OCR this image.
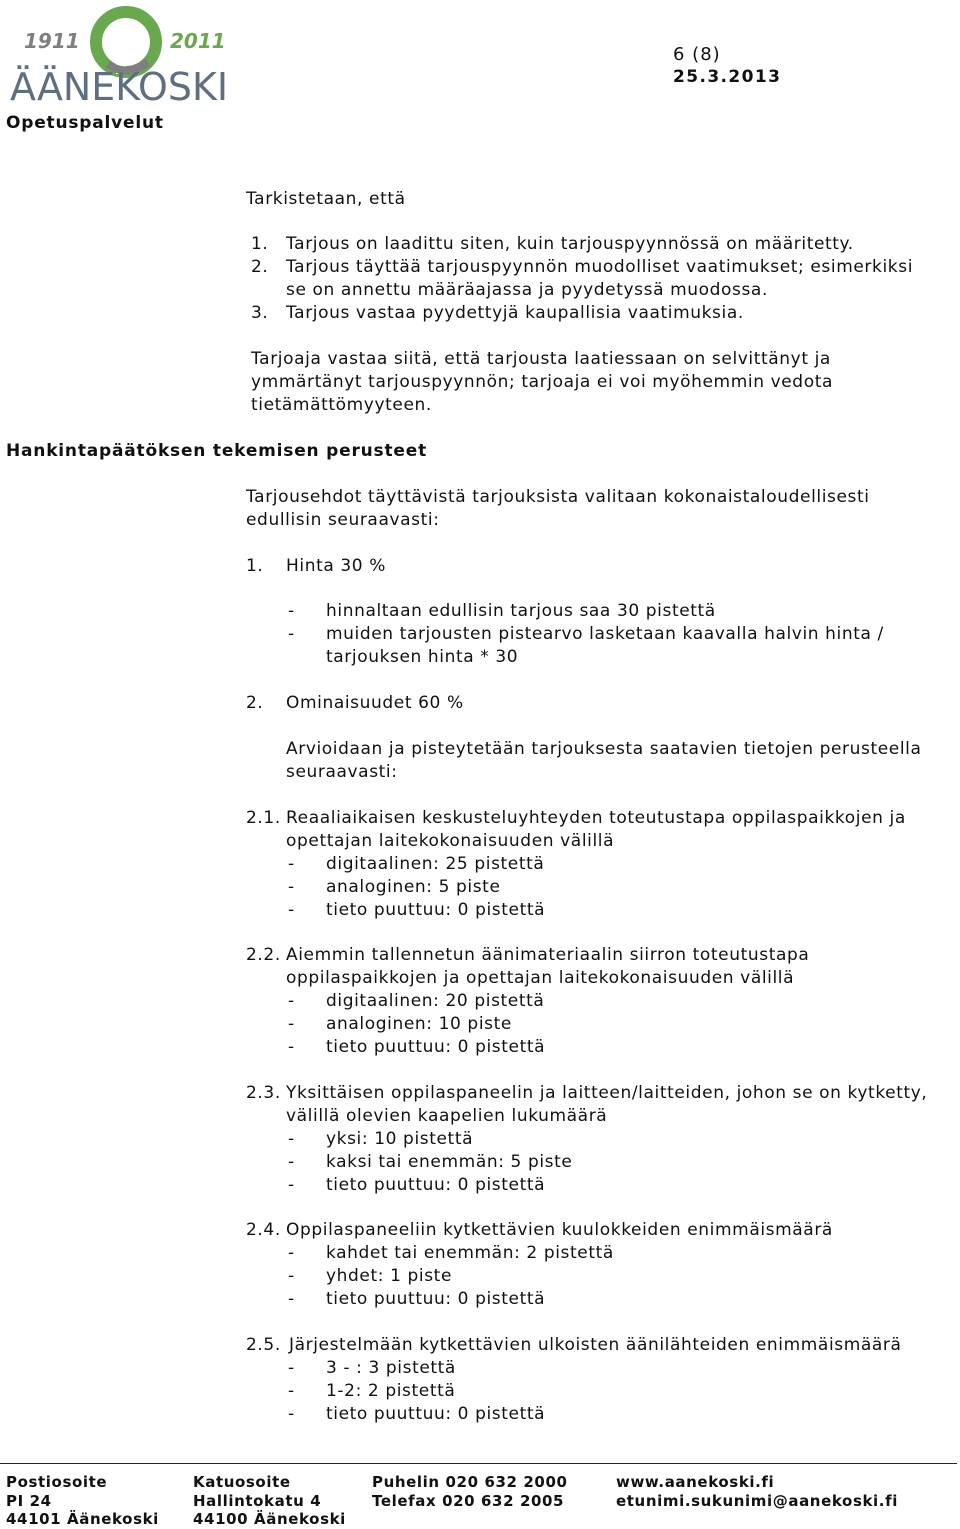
1911	2011
ÄÄNEKOSKI
Opetuspalvelut
6 (8)
25.3.2013
Tarkistetaan, että
1. Tarjous on laadittu siten, kuin tarjouspyynnössä on määritetty.
2. Tarjous täyttää tarjouspyynnön muodolliset vaatimukset; esimerkiksi
se on annettu määräajassa ja pyydetyssä muodossa.
3. Tarjous vastaa pyydettyjä kaupallisia vaatimuksia.
Tarjoaja vastaa siitä, että tarjousta laatiessaan on selvittänyt ja
ymmärtänyt tarjouspyynnön; tarjoaja ei voi myöhemmin vedota
tietämättömyyteen.
Hankintapäätöksen tekemisen perusteet
Tarjousehdot täyttävistä tarjouksista valitaan kokonaistaloudellisesti
edullisin seuraavasti:
1. Hinta 30 %
- hinnaltaan edullisin tarjous saa 30 pistettä
- muiden tarjousten pistearvo lasketaan kaavalla halvin hinta /
tarjouksen hinta * 30
2. Ominaisuudet 60 %
Arvioidaan ja pisteytetään tarjouksesta saatavien tietojen perusteella
seuraavasti:
2.1. Reaaliaikaisen keskusteluyhteyden toteutustapa oppilaspaikkojen ja
opettajan laitekokonaisuuden välillä
- digitaalinen: 25 pistettä
- analoginen: 5 piste
- tieto puuttuu: 0 pistettä
2.2. Aiemmin tallennetun äänimateriaalin siirron toteutustapa
oppilaspaikkojen ja opettajan laitekokonaisuuden välillä
- digitaalinen: 20 pistettä
- analoginen: 10 piste
- tieto puuttuu: 0 pistettä
2.3. Yksittäisen oppilaspaneelin ja laitteen/laitteiden, johon se on kytketty,
välillä olevien kaapelien lukumäärä
- yksi: 10 pistettä
- kaksi tai enemmän: 5 piste
- tieto puuttuu: 0 pistettä
2.4. Oppilaspaneeliin kytkettävien kuulokkeiden enimmäismäärä
- kahdet tai enemmän: 2 pistettä
- yhdet: 1 piste
- tieto puuttuu: 0 pistettä
2.5. Järjestelmään kytkettävien ulkoisten äänilähteiden enimmäismäärä
- 3 - : 3 pistettä
- 1-2: 2 pistettä
- tieto puuttuu: 0 pistettä
Postiosoite
PI 24
44101 Äänekoski
Katuosoite
Hallintokatu 4
44100 Äänekoski
Puhelin 020 632 2000
Telefax 020 632 2005
www.aanekoski.fi
etunimi.sukunimi@aanekoski.fi
